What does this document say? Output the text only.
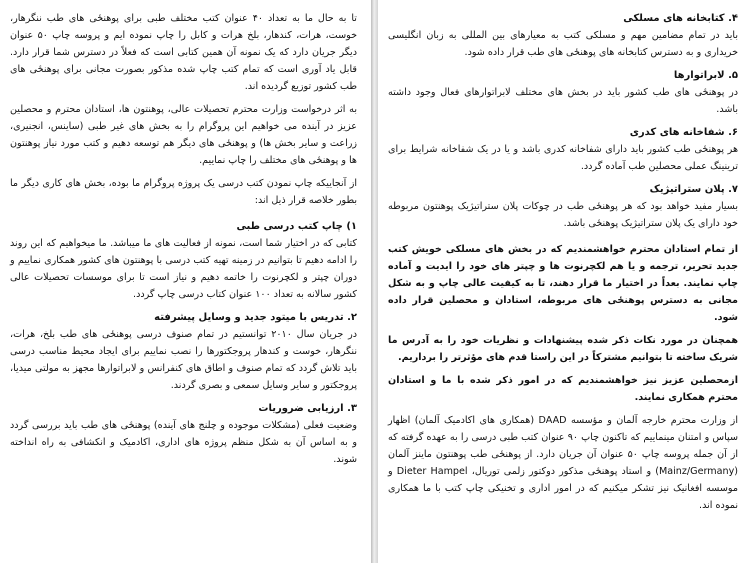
تا به حال ما به تعداد ۴۰ عنوان کتب مختلف طبی برای پوهنځی های طب ننگرهار، خوست، هرات، کندهار، بلخ هرات و کابل را چاپ نموده ایم و پروسه چاپ ۵۰ عنوان دیگر جریان دارد که یک نمونه آن همین کتابی است که فعلاً در دسترس شما قرار دارد. قابل یاد آوری است که تمام کتب چاپ شده مذکور بصورت مجانی برای پوهنځی های طب کشور توزیع گردیده اند.

به اثر درخواست وزارت محترم تحصیلات عالی، پوهنتون ها، استادان محترم و محصلین عزیز در آینده می خواهیم این پروگرام را به بخش های غیر طبی (ساینس، انجنیری، زراعت و سایر بخش ها) و پوهنځی های دیگر هم توسعه دهیم و کتب مورد نیاز پوهنتون ها و پوهنځی های مختلف را چاپ نماییم.

از آنجاییکه چاپ نمودن کتب درسی یک پروژه پروگرام ما بوده، بخش های کاری دیگر ما بطور خلاصه قرار ذیل اند:

۱) چاپ کتب درسی طبی

کتابی که در اختیار شما است، نمونه از فعالیت های ما میباشد. ما میخواهیم که این روند را ادامه دهیم تا بتوانیم در زمینه تهیه کتب درسی با پوهنتون های کشور همکاری نماییم و دوران چپتر و لکچرنوت را خاتمه دهیم و نیاز است تا برای موسسات تحصیلات عالی کشور سالانه به تعداد ۱۰۰ عنوان کتاب درسی چاپ گردد.

۲. تدریس با میتود جدید و وسایل پیشرفته

در جریان سال ۲۰۱۰ توانستیم در تمام صنوف درسی پوهنځی های طب بلخ، هرات، ننگرهار، خوست و کندهار پروجکتورها را نصب نماییم برای ایجاد محیط مناسب درسی باید تلاش گردد که تمام صنوف و اطاق های کنفرانس و لابراتوارها مجهز به مولتی میدیا، پروجکتور و سایر وسایل سمعی و بصری گردند.

۳. ارزیابی ضروریات

وضعیت فعلی (مشکلات موجوده و چلنج های آینده) پوهنځی های طب باید بررسی گردد و به اساس آن به شکل منظم پروژه های اداری، اکادمیک و انکشافی به راه انداخته شوند.

۴. کتابخانه های مسلکی

باید در تمام مضامین مهم و مسلکی کتب به معیارهای بین المللی به زبان انگلیسی خریداری و به دسترس کتابخانه های پوهنځی های طب قرار داده شود.

۵. لابراتوارها

در پوهنځی های طب کشور باید در بخش های مختلف لابراتوارهای فعال وجود داشته باشد.

۶. شفاخانه های کدری

هر پوهنځی طب کشور باید دارای شفاخانه کدری باشد و یا در یک شفاخانه شرایط برای ترینینگ عملی محصلین طب آماده گردد.

۷. پلان ستراتیژیک

بسیار مفید خواهد بود که هر پوهنځی طب در چوکات پلان ستراتیژیک پوهنتون مربوطه خود دارای یک پلان ستراتیژیک پوهنځی باشد.

از تمام استادان محترم خواهشمندیم که در بخش های مسلکی خویش کتب جدید تحریر، ترجمه و یا هم لکچرنوت ها و چپتر های خود را ایدیت و آماده چاپ نمایند. بعداً در اختیار ما قرار دهند، تا به کیفیت عالی چاپ و به شکل مجانی به دسترس پوهنځی های مربوطه، استادان و محصلین قرار داده شود.

همچنان در مورد نکات ذکر شده پیشنهادات و نظریات خود را به آدرس ما شریک ساخته تا بتوانیم مشترکاً در این راستا قدم های مؤثرتر را برداریم.

ازمحصلین عزیز نیز خواهشمندیم که در امور ذکر شده با ما و استادان محترم همکاری نمایند.

از وزارت محترم خارجه آلمان و مؤسسه DAAD (همکاری های اکادمیک آلمان) اظهار سپاس و امتنان مینماییم که تاکنون چاپ ۹۰ عنوان کتب طبی درسی را به عهده گرفته که از آن جمله پروسه چاپ ۵۰ عنوان آن جریان دارد. از پوهنځی طب پوهنتون ماینز آلمان (Mainz/Germany) و استاد پوهنځی مذکور دوکتور زلمی توریال، Dieter Hampel و موسسه افغانیک نیز تشکر میکنیم که در امور اداری و تخنیکی چاپ کتب با ما همکاری نموده اند.
